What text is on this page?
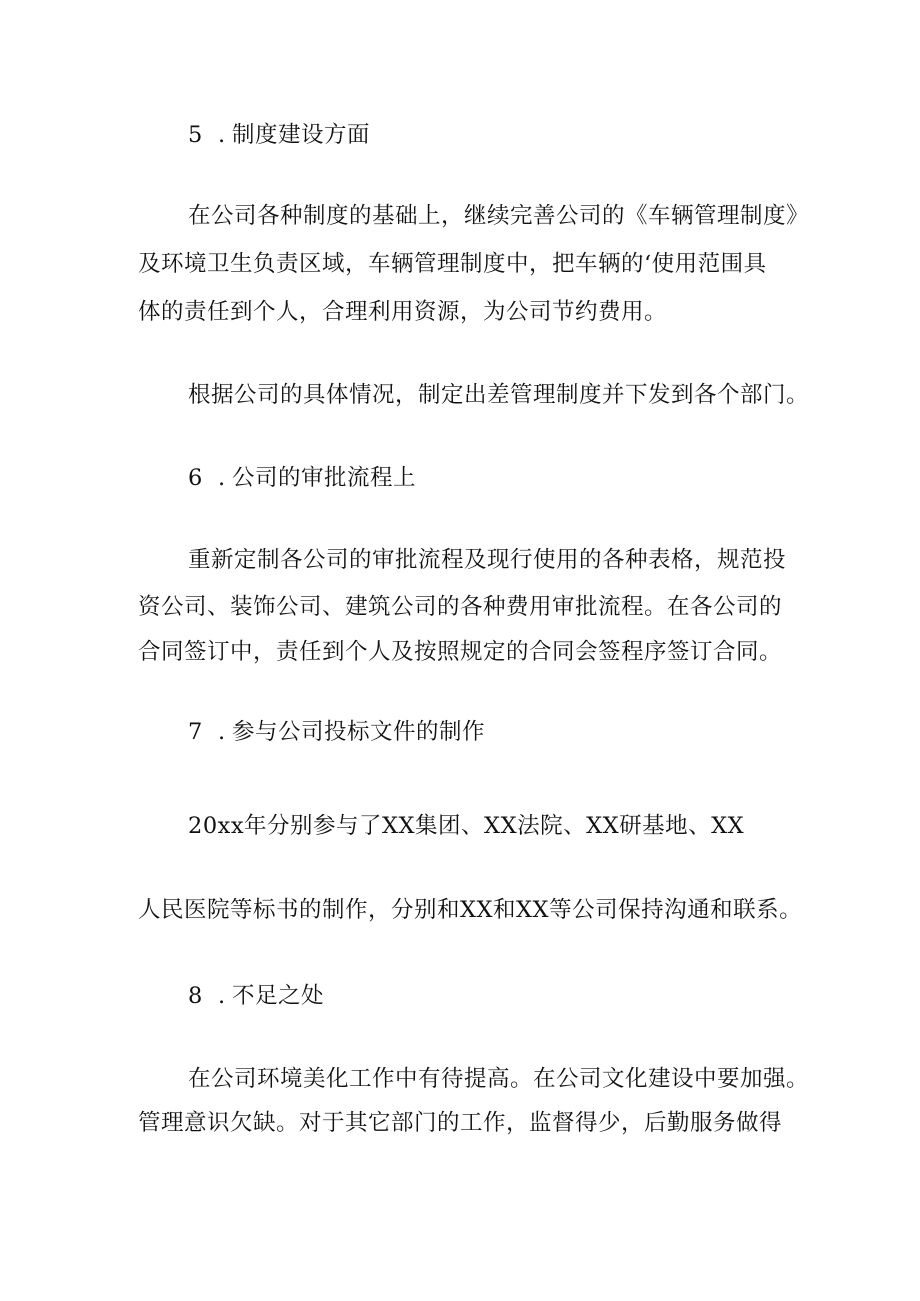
5 . 制度建设方面
在公司各种制度的基础上，继续完善公司的《车辆管理制度》
及环境卫生负责区域，车辆管理制度中，把车辆的‘使用范围具
体的责任到个人，合理利用资源，为公司节约费用。
根据公司的具体情况，制定出差管理制度并下发到各个部门。
6 . 公司的审批流程上
重新定制各公司的审批流程及现行使用的各种表格，规范投
资公司、装饰公司、建筑公司的各种费用审批流程。在各公司的
合同签订中，责任到个人及按照规定的合同会签程序签订合同。
7 . 参与公司投标文件的制作
20xx年分别参与了XX集团、XX法院、XX研基地、XX
人民医院等标书的制作，分别和XX和XX等公司保持沟通和联系。
8 . 不足之处
在公司环境美化工作中有待提高。在公司文化建设中要加强。
管理意识欠缺。对于其它部门的工作，监督得少，后勤服务做得
